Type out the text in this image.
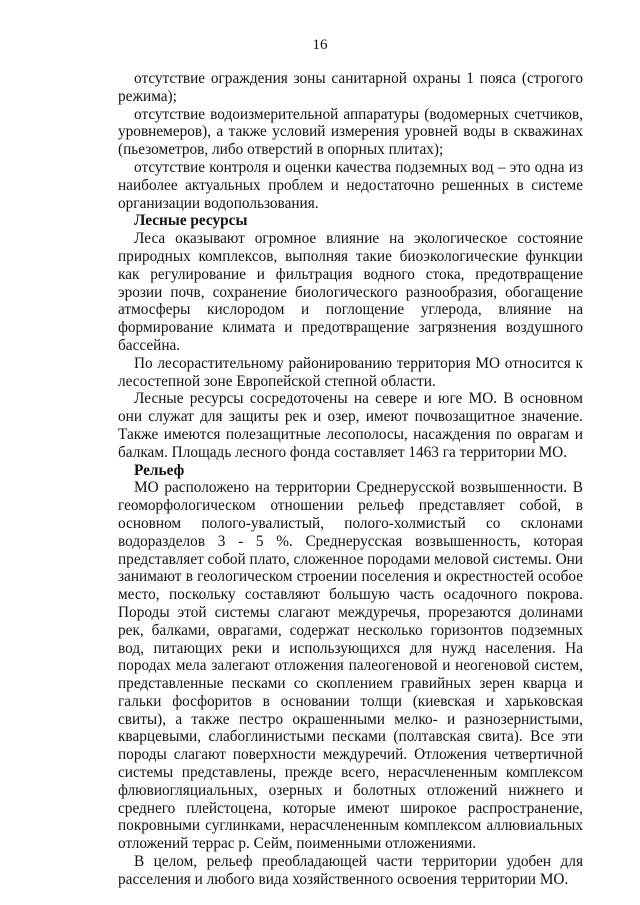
16

отсутствие ограждения зоны санитарной охраны 1 пояса (строгого режима);

отсутствие водоизмерительной аппаратуры (водомерных счетчиков, уровнемеров), а также условий измерения уровней воды в скважинах (пьезометров, либо отверстий в опорных плитах);

отсутствие контроля и оценки качества подземных вод – это одна из наиболее актуальных проблем и недостаточно решенных в системе организации водопользования.

Лесные ресурсы

Леса оказывают огромное влияние на экологическое состояние природных комплексов, выполняя такие биоэкологические функции как регулирование и фильтрация водного стока, предотвращение эрозии почв, сохранение биологического разнообразия, обогащение атмосферы кислородом и поглощение углерода, влияние на формирование климата и предотвращение загрязнения воздушного бассейна.

По лесорастительному районированию территория МО относится к лесостепной зоне Европейской степной области.

Лесные ресурсы сосредоточены на севере и юге МО. В основном они служат для защиты рек и озер, имеют почвозащитное значение. Также имеются полезащитные лесополосы, насаждения по оврагам и балкам. Площадь лесного фонда составляет 1463 га территории МО.

Рельеф

МО расположено на территории Среднерусской возвышенности. В геоморфологическом отношении рельеф представляет собой, в основном полого-увалистый, полого-холмистый со склонами водоразделов 3 - 5 %. Среднерусская возвышенность, которая представляет собой плато, сложенное породами меловой системы. Они занимают в геологическом строении поселения и окрестностей особое место, поскольку составляют большую часть осадочного покрова. Породы этой системы слагают междуречья, прорезаются долинами рек, балками, оврагами, содержат несколько горизонтов подземных вод, питающих реки и использующихся для нужд населения. На породах мела залегают отложения палеогеновой и неогеновой систем, представленные песками со скоплением гравийных зерен кварца и гальки фосфоритов в основании толщи (киевская и харьковская свиты), а также пестро окрашенными мелко- и разнозернистыми, кварцевыми, слабоглинистыми песками (полтавская свита). Все эти породы слагают поверхности междуречий. Отложения четвертичной системы представлены, прежде всего, нерасчлененным комплексом флювиогляциальных, озерных и болотных отложений нижнего и среднего плейстоцена, которые имеют широкое распространение, покровными суглинками, нерасчлененным комплексом аллювиальных отложений террас р. Сейм, поименными отложениями.

В целом, рельеф преобладающей части территории удобен для расселения и любого вида хозяйственного освоения территории МО.
